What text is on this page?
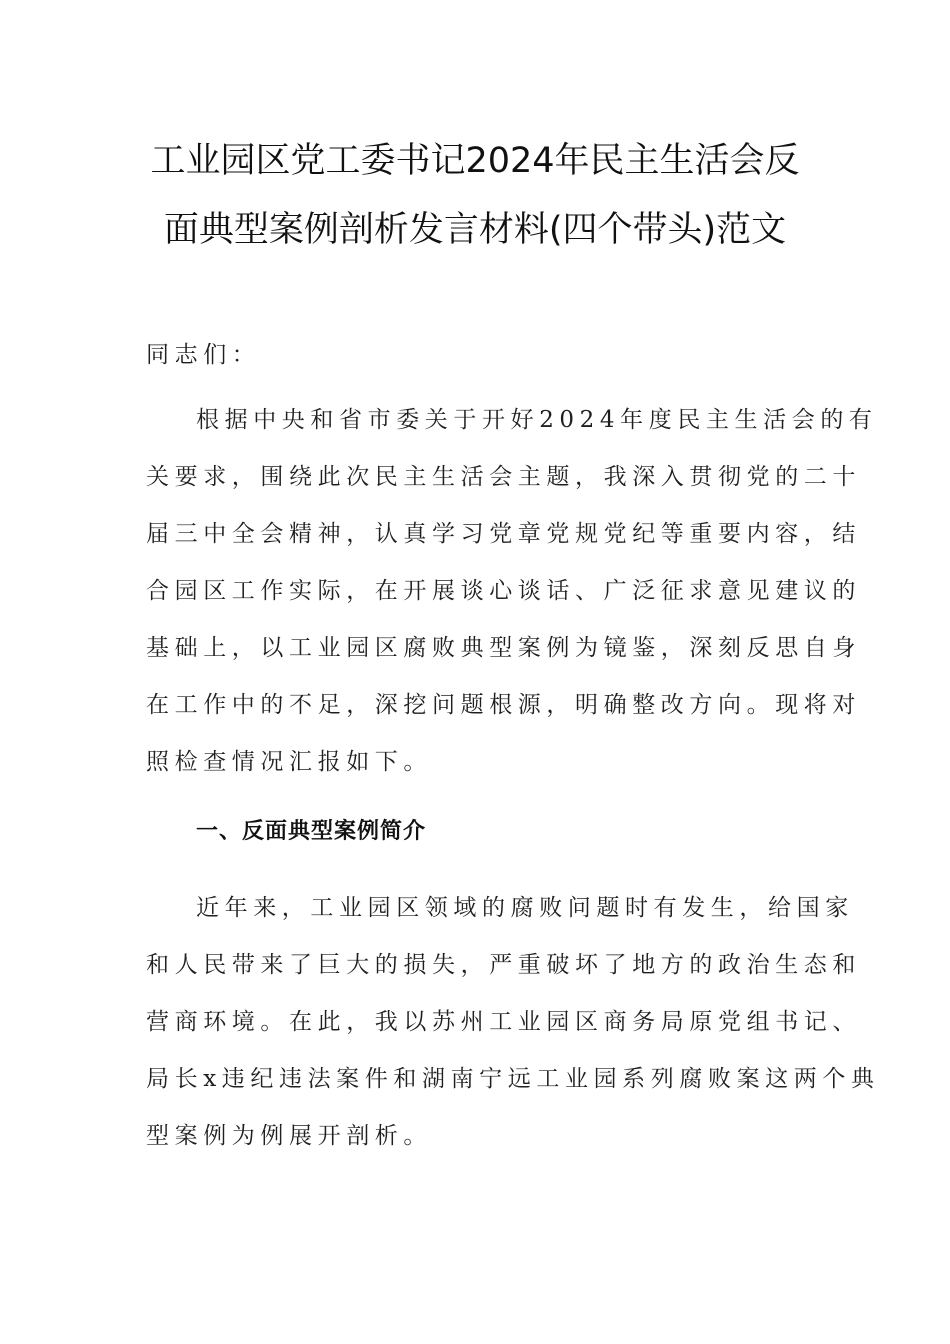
工业园区党工委书记2024年民主生活会反
面典型案例剖析发言材料(四个带头)范文
同志们：
根据中央和省市委关于开好2024年度民主生活会的有
关要求，围绕此次民主生活会主题，我深入贯彻党的二十
届三中全会精神，认真学习党章党规党纪等重要内容，结
合园区工作实际，在开展谈心谈话、广泛征求意见建议的
基础上，以工业园区腐败典型案例为镜鉴，深刻反思自身
在工作中的不足，深挖问题根源，明确整改方向。现将对
照检查情况汇报如下。
一、反面典型案例简介
近年来，工业园区领域的腐败问题时有发生，给国家
和人民带来了巨大的损失，严重破坏了地方的政治生态和
营商环境。在此，我以苏州工业园区商务局原党组书记、
局长x违纪违法案件和湖南宁远工业园系列腐败案这两个典
型案例为例展开剖析。
